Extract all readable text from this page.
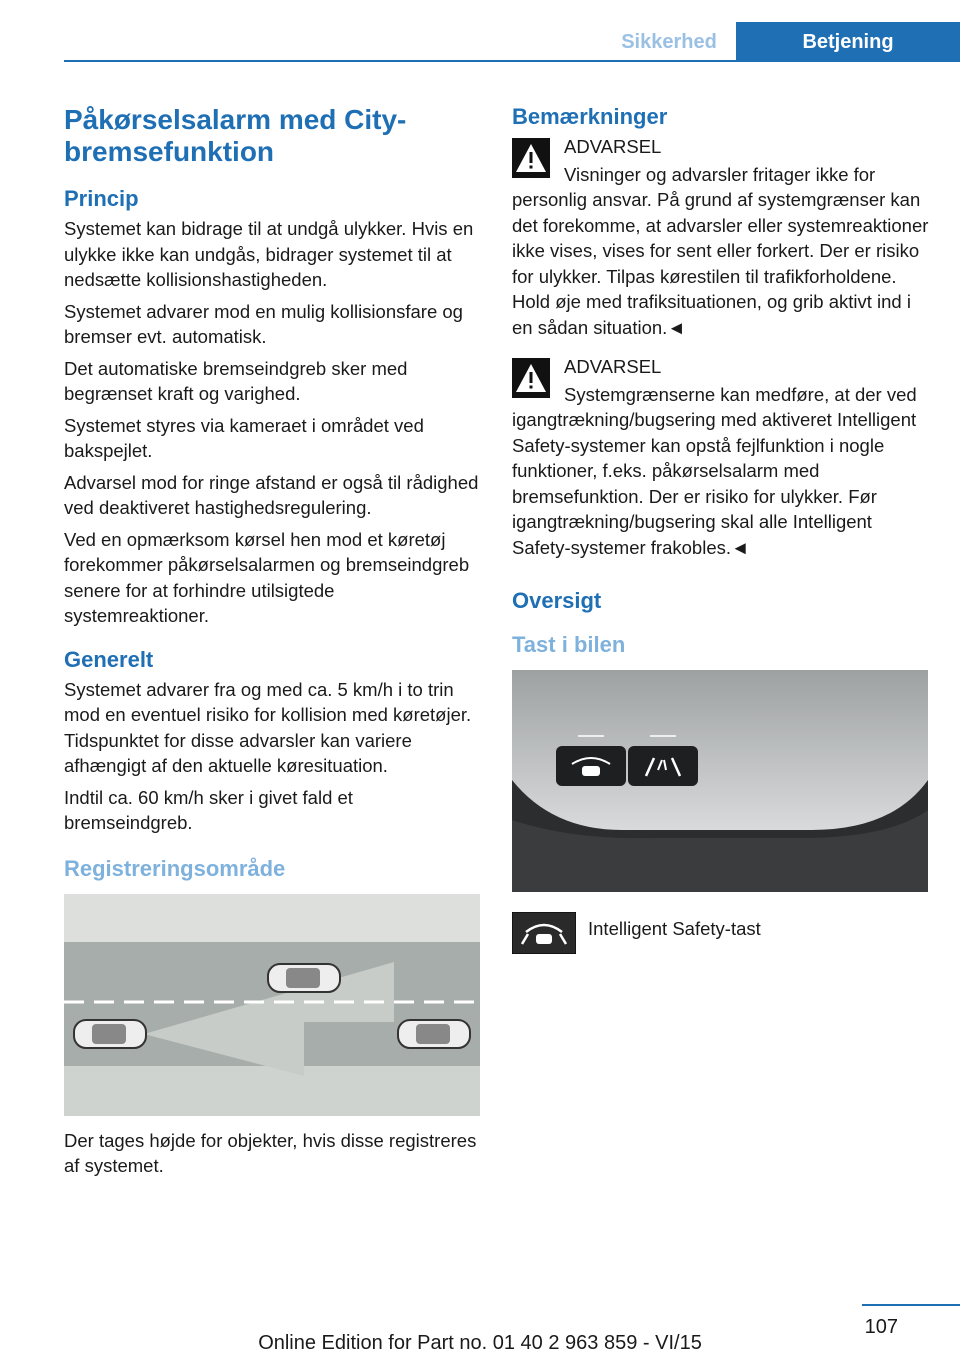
Sikkerhed	Betjening
Påkørselsalarm med City-
bremsefunktion
Princip

Systemet kan bidrage til at undgå ulykker. Hvis en ulykke ikke kan undgås, bidrager systemet til at nedsætte kollisionshastigheden.

Systemet advarer mod en mulig kollisionsfare og bremser evt. automatisk.

Det automatiske bremseindgreb sker med begrænset kraft og varighed.

Systemet styres via kameraet i området ved bakspejlet.

Advarsel mod for ringe afstand er også til rådighed ved deaktiveret hastighedsregulering.

Ved en opmærksom kørsel hen mod et køretøj forekommer påkørselsalarmen og bremseindgreb senere for at forhindre utilsigtede systemreaktioner.

Generelt

Systemet advarer fra og med ca. 5 km/h i to trin mod en eventuel risiko for kollision med køretøjer. Tidspunktet for disse advarsler kan variere afhængigt af den aktuelle køresituation.

Indtil ca. 60 km/h sker i givet fald et bremseindgreb.

Registreringsområde

Der tages højde for objekter, hvis disse registreres af systemet.

Bemærkninger
ADVARSEL
Visninger og advarsler fritager ikke for personlig ansvar. På grund af systemgrænser kan det forekomme, at advarsler eller systemreaktioner ikke vises, vises for sent eller forkert. Der er risiko for ulykker. Tilpas kørestilen til trafikforholdene. Hold øje med trafiksituationen, og grib aktivt ind i en sådan situation.◄
ADVARSEL
Systemgrænserne kan medføre, at der ved igangtrækning/bugsering med aktiveret Intelligent Safety-systemer kan opstå fejlfunktion i nogle funktioner, f.eks. påkørselsalarm med bremsefunktion. Der er risiko for ulykker. Før igangtrækning/bugsering skal alle Intelligent Safety-systemer frakobles.◄
Oversigt
Tast i bilen
Intelligent Safety-tast
107
Online Edition for Part no. 01 40 2 963 859 - VI/15
